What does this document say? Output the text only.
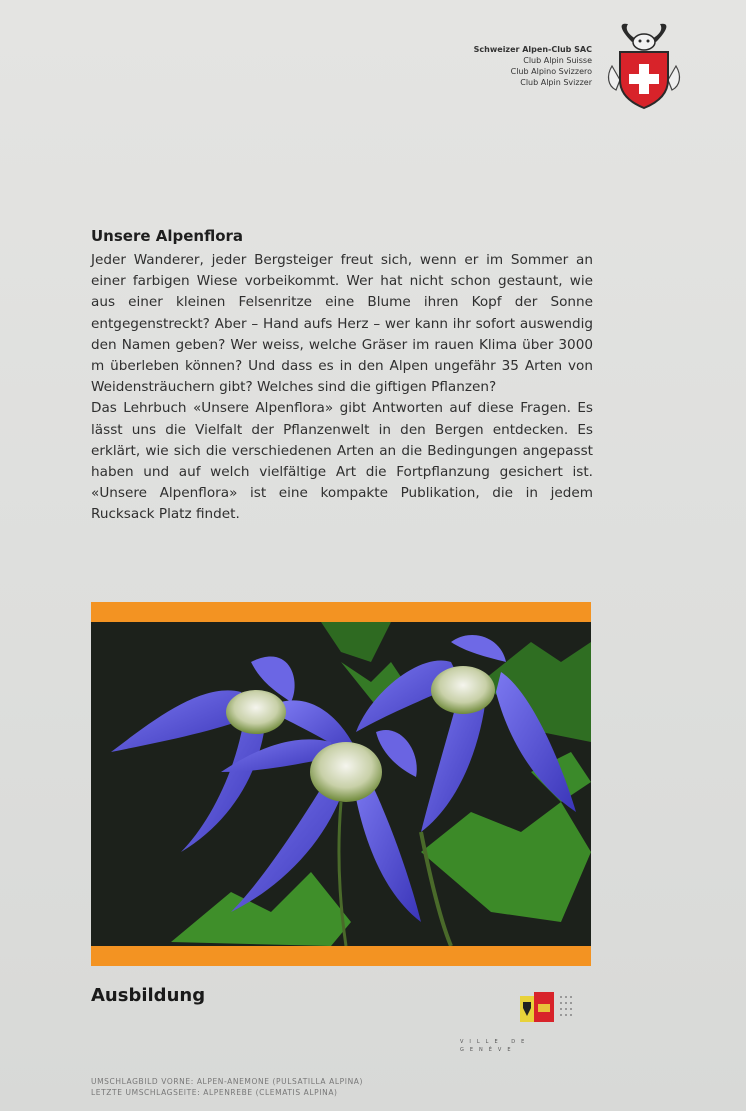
Schweizer Alpen-Club SAC
Club Alpin Suisse
Club Alpino Svizzero
Club Alpin Svizzer
Unsere Alpenflora

Jeder Wanderer, jeder Bergsteiger freut sich, wenn er im Sommer an einer farbigen Wiese vorbeikommt. Wer hat nicht schon gestaunt, wie aus einer kleinen Felsenritze eine Blume ihren Kopf der Sonne entgegenstreckt? Aber – Hand aufs Herz – wer kann ihr sofort auswendig den Namen geben? Wer weiss, welche Gräser im rauen Klima über 3000 m überleben können? Und dass es in den Alpen ungefähr 35 Arten von Weidensträuchern gibt? Welches sind die giftigen Pflanzen?

Das Lehrbuch «Unsere Alpenflora» gibt Antworten auf diese Fragen. Es lässt uns die Vielfalt der Pflanzenwelt in den Bergen entdecken. Es erklärt, wie sich die verschiedenen Arten an die Bedingungen angepasst haben und auf welch vielfältige Art die Fortpflanzung gesichert ist. «Unsere Alpenflora» ist eine kompakte Publikation, die in jedem Rucksack Platz findet.

Ausbildung
VILLE DE GENÈVE
UMSCHLAGBILD VORNE: ALPEN-ANEMONE (PULSATILLA ALPINA)
LETZTE UMSCHLAGSEITE: ALPENREBE (CLEMATIS ALPINA)
